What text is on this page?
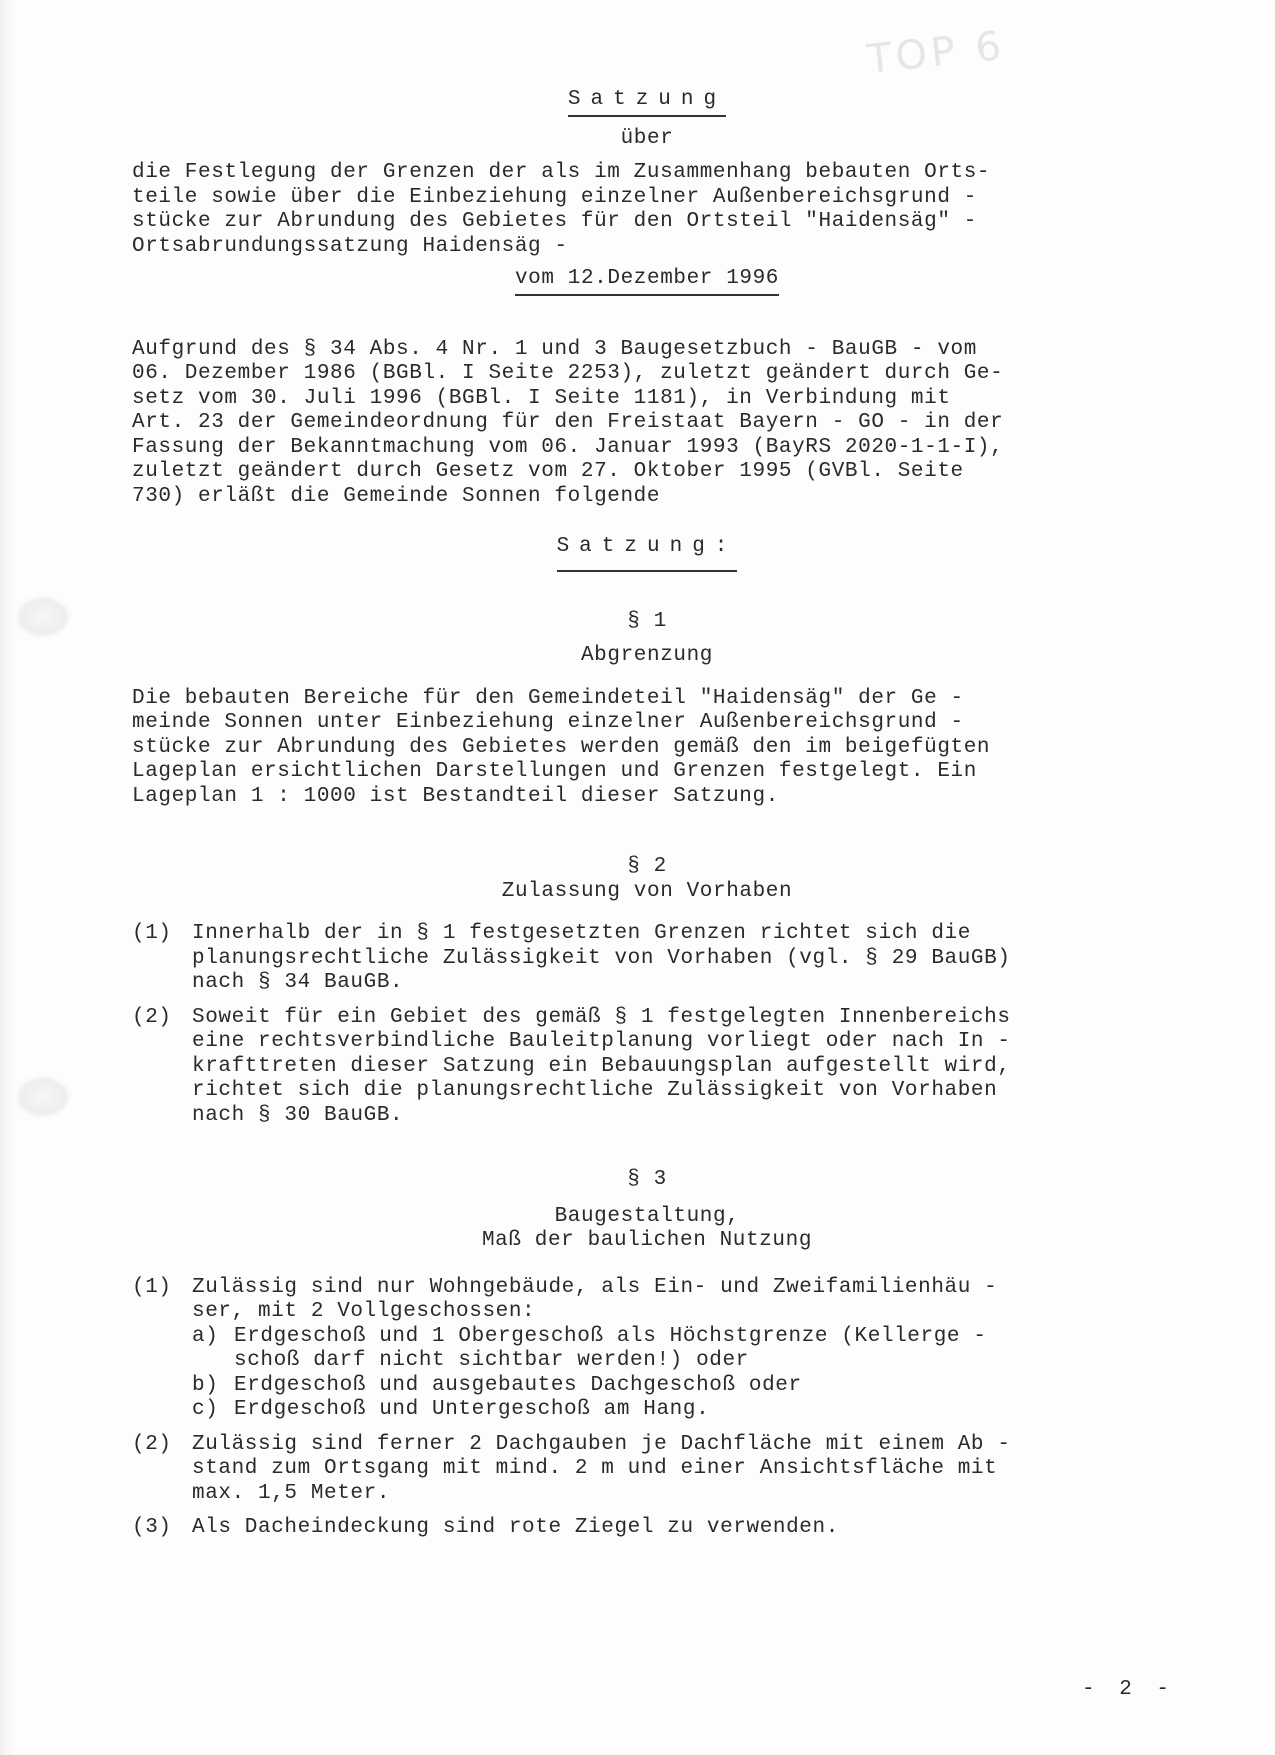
TOP 6
Satzung
über
die Festlegung der Grenzen der als im Zusammenhang bebauten Orts-
teile sowie über die Einbeziehung einzelner Außenbereichsgrund -
stücke zur Abrundung des Gebietes für den Ortsteil "Haidensäg" -
Ortsabrundungssatzung Haidensäg -
vom 12.Dezember 1996
Aufgrund des § 34 Abs. 4 Nr. 1 und 3 Baugesetzbuch - BauGB - vom
06. Dezember 1986 (BGBl. I Seite 2253), zuletzt geändert durch Ge-
setz vom 30. Juli 1996 (BGBl. I Seite 1181), in Verbindung mit
Art. 23 der Gemeindeordnung für den Freistaat Bayern - GO - in der
Fassung der Bekanntmachung vom 06. Januar 1993 (BayRS 2020-1-1-I),
zuletzt geändert durch Gesetz vom 27. Oktober 1995 (GVBl. Seite
730) erläßt die Gemeinde Sonnen folgende
Satzung:
§ 1
Abgrenzung
Die bebauten Bereiche für den Gemeindeteil "Haidensäg" der Ge -
meinde Sonnen unter Einbeziehung einzelner Außenbereichsgrund -
stücke zur Abrundung des Gebietes werden gemäß den im beigefügten
Lageplan ersichtlichen Darstellungen und Grenzen festgelegt. Ein
Lageplan 1 : 1000 ist Bestandteil dieser Satzung.
§ 2
Zulassung von Vorhaben
(1) Innerhalb der in § 1 festgesetzten Grenzen richtet sich die
planungsrechtliche Zulässigkeit von Vorhaben (vgl. § 29 BauGB)
nach § 34 BauGB.
(2) Soweit für ein Gebiet des gemäß § 1 festgelegten Innenbereichs
eine rechtsverbindliche Bauleitplanung vorliegt oder nach In -
krafttreten dieser Satzung ein Bebauungsplan aufgestellt wird,
richtet sich die planungsrechtliche Zulässigkeit von Vorhaben
nach § 30 BauGB.
§ 3
Baugestaltung,
Maß der baulichen Nutzung
(1) Zulässig sind nur Wohngebäude, als Ein- und Zweifamilienhäu -
ser, mit 2 Vollgeschossen:
a) Erdgeschoß und 1 Obergeschoß als Höchstgrenze (Kellerge -
schoß darf nicht sichtbar werden!) oder
b) Erdgeschoß und ausgebautes Dachgeschoß oder
c) Erdgeschoß und Untergeschoß am Hang.
(2) Zulässig sind ferner 2 Dachgauben je Dachfläche mit einem Ab -
stand zum Ortsgang mit mind. 2 m und einer Ansichtsfläche mit
max. 1,5 Meter.
(3) Als Dacheindeckung sind rote Ziegel zu verwenden.
- 2 -
